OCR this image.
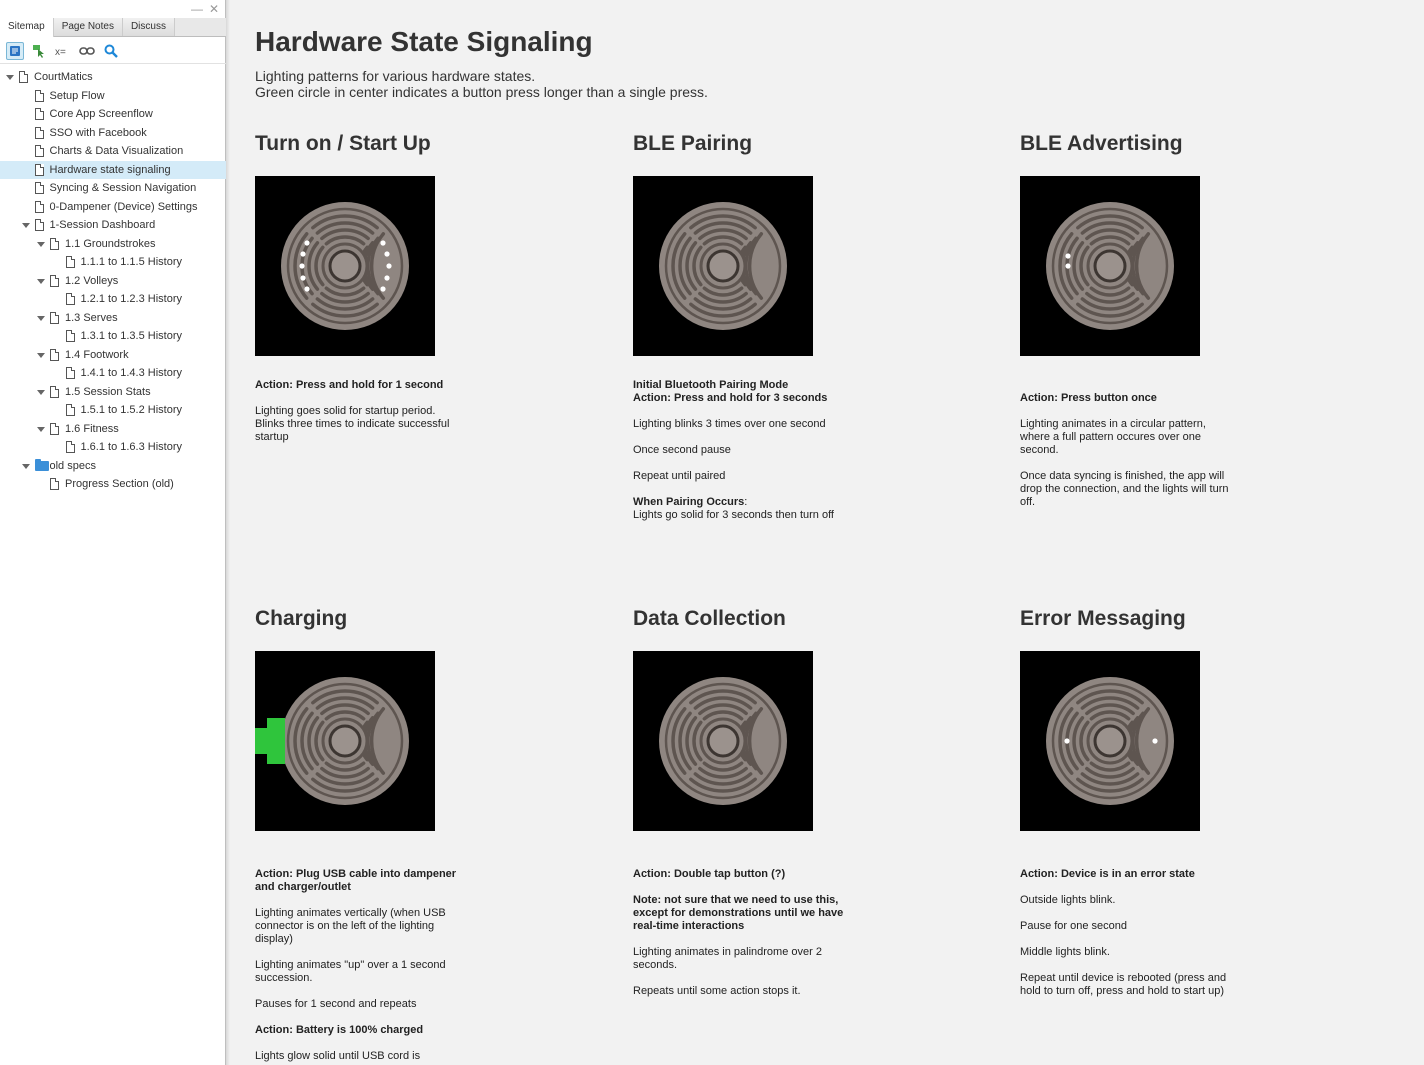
— ✕
Sitemap	Page Notes	Discuss
x=
CourtMatics
Setup Flow
Core App Screenflow
SSO with Facebook
Charts & Data Visualization
Hardware state signaling
Syncing & Session Navigation
0-Dampener (Device) Settings
1-Session Dashboard
1.1 Groundstrokes
1.1.1 to 1.1.5 History
1.2 Volleys
1.2.1 to 1.2.3 History
1.3 Serves
1.3.1 to 1.3.5 History
1.4 Footwork
1.4.1 to 1.4.3 History
1.5 Session Stats
1.5.1 to 1.5.2 History
1.6 Fitness
1.6.1 to 1.6.3 History
old specs
Progress Section (old)
Hardware State Signaling
Lighting patterns for various hardware states.
Green circle in center indicates a button press longer than a single press.
Turn on / Start Up

Action: Press and hold for 1 second

Lighting goes solid for startup period.
Blinks three times to indicate successful
startup

BLE Pairing

Initial Bluetooth Pairing Mode
Action: Press and hold for 3 seconds

Lighting blinks 3 times over one second

Once second pause

Repeat until paired

When Pairing Occurs:
Lights go solid for 3 seconds then turn off

BLE Advertising

Action: Press button once

Lighting animates in a circular pattern,
where a full pattern occures over one
second.

Once data syncing is finished, the app will
drop the connection, and the lights will turn
off.

Charging

Action: Plug USB cable into dampener
and charger/outlet

Lighting animates vertically (when USB
connector is on the left of the lighting
display)

Lighting animates "up" over a 1 second
succession.

Pauses for 1 second and repeats

Action: Battery is 100% charged

Lights glow solid until USB cord is

Data Collection

Action: Double tap button (?)

Note: not sure that we need to use this,
except for demonstrations until we have
real-time interactions

Lighting animates in palindrome over 2
seconds.

Repeats until some action stops it.

Error Messaging

Action: Device is in an error state

Outside lights blink.

Pause for one second

Middle lights blink.

Repeat until device is rebooted (press and
hold to turn off, press and hold to start up)
